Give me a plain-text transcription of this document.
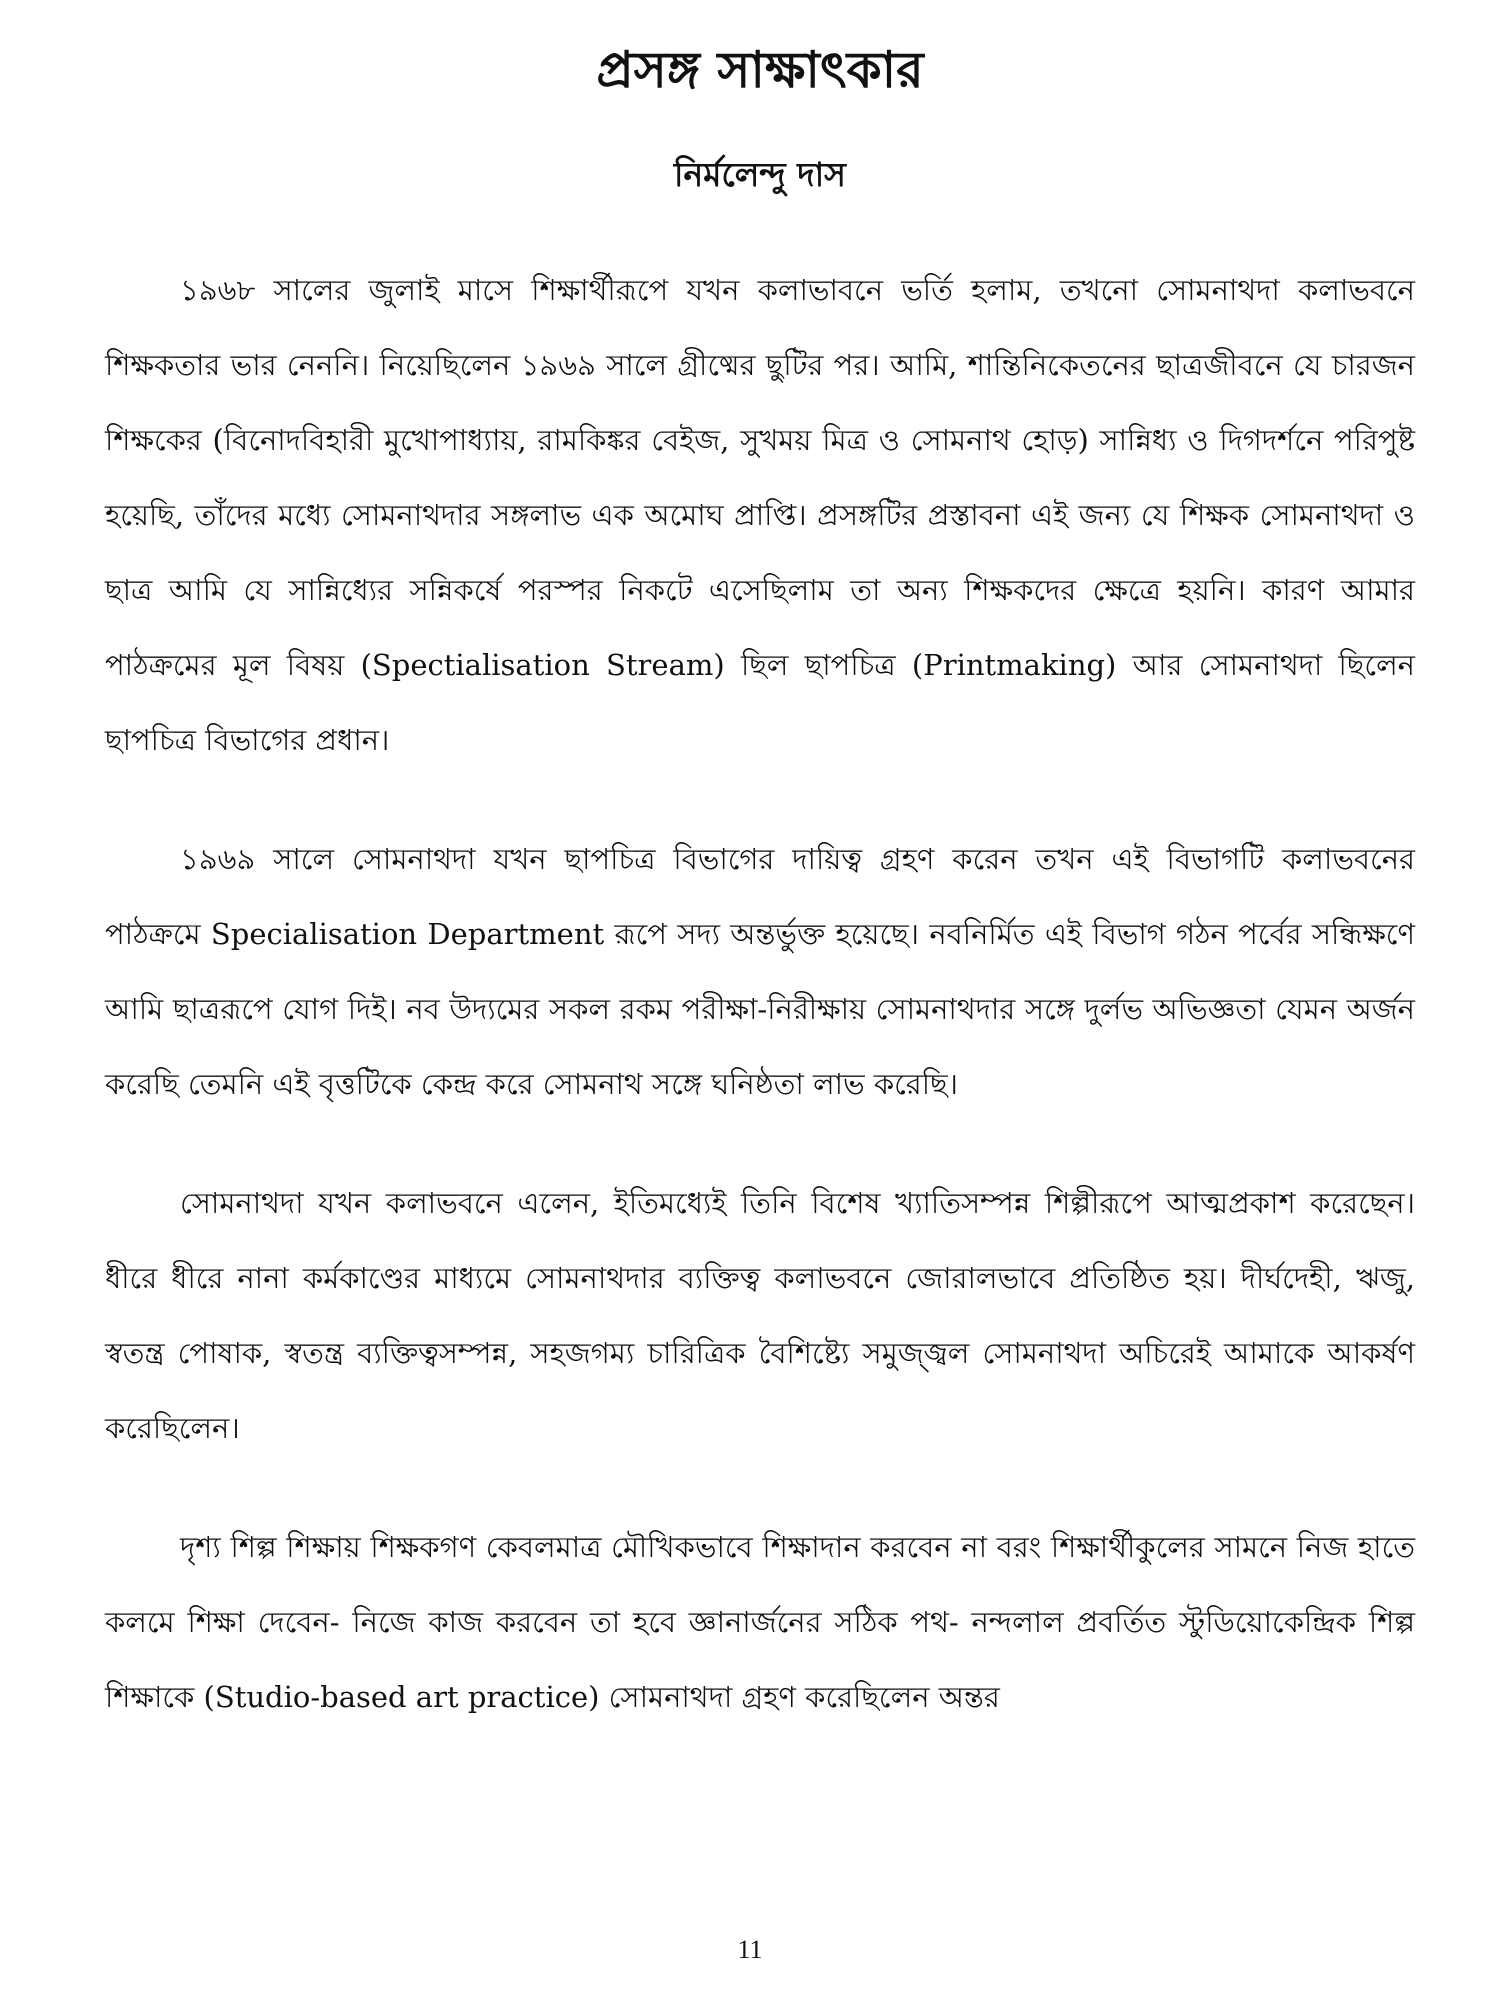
প্রসঙ্গ সাক্ষাৎকার
নির্মলেন্দু দাস

১৯৬৮ সালের জুলাই মাসে শিক্ষার্থীরূপে যখন কলাভাবনে ভর্তি হলাম, তখনো সোমনাথদা কলাভবনে শিক্ষকতার ভার নেননি। নিয়েছিলেন ১৯৬৯ সালে গ্রীষ্মের ছুটির পর। আমি, শান্তিনিকেতনের ছাত্রজীবনে যে চারজন শিক্ষকের (বিনোদবিহারী মুখোপাধ্যায়, রামকিঙ্কর বেইজ, সুখময় মিত্র ও সোমনাথ হোড়) সান্নিধ্য ও দিগদর্শনে পরিপুষ্ট হয়েছি, তাঁদের মধ্যে সোমনাথদার সঙ্গলাভ এক অমোঘ প্রাপ্তি। প্রসঙ্গটির প্রস্তাবনা এই জন্য যে শিক্ষক সোমনাথদা ও ছাত্র আমি যে সান্নিধ্যের সন্নিকর্ষে পরস্পর নিকটে এসেছিলাম তা অন্য শিক্ষকদের ক্ষেত্রে হয়নি। কারণ আমার পাঠক্রমের মূল বিষয় (Spectialisation Stream) ছিল ছাপচিত্র (Printmaking) আর সোমনাথদা ছিলেন ছাপচিত্র বিভাগের প্রধান।

১৯৬৯ সালে সোমনাথদা যখন ছাপচিত্র বিভাগের দায়িত্ব গ্রহণ করেন তখন এই বিভাগটি কলাভবনের পাঠক্রমে Specialisation Department রূপে সদ্য অন্তর্ভুক্ত হয়েছে। নবনির্মিত এই বিভাগ গঠন পর্বের সন্ধিক্ষণে আমি ছাত্ররূপে যোগ দিই। নব উদ্যমের সকল রকম পরীক্ষা-নিরীক্ষায় সোমনাথদার সঙ্গে দুর্লভ অভিজ্ঞতা যেমন অর্জন করেছি তেমনি এই বৃত্তটিকে কেন্দ্র করে সোমনাথ সঙ্গে ঘনিষ্ঠতা লাভ করেছি।

সোমনাথদা যখন কলাভবনে এলেন, ইতিমধ্যেই তিনি বিশেষ খ্যাতিসম্পন্ন শিল্পীরূপে আত্মপ্রকাশ করেছেন। ধীরে ধীরে নানা কর্মকাণ্ডের মাধ্যমে সোমনাথদার ব্যক্তিত্ব কলাভবনে জোরালভাবে প্রতিষ্ঠিত হয়। দীর্ঘদেহী, ঋজু, স্বতন্ত্র পোষাক, স্বতন্ত্র ব্যক্তিত্বসম্পন্ন, সহজগম্য চারিত্রিক বৈশিষ্ট্যে সমুজ্জ্বল সোমনাথদা অচিরেই আমাকে আকর্ষণ করেছিলেন।

দৃশ্য শিল্প শিক্ষায় শিক্ষকগণ কেবলমাত্র মৌখিকভাবে শিক্ষাদান করবেন না বরং শিক্ষার্থীকুলের সামনে নিজ হাতে কলমে শিক্ষা দেবেন- নিজে কাজ করবেন তা হবে জ্ঞানার্জনের সঠিক পথ- নন্দলাল প্রবর্তিত স্টুডিয়োকেন্দ্রিক শিল্প শিক্ষাকে (Studio-based art practice) সোমনাথদা গ্রহণ করেছিলেন অন্তর

11
